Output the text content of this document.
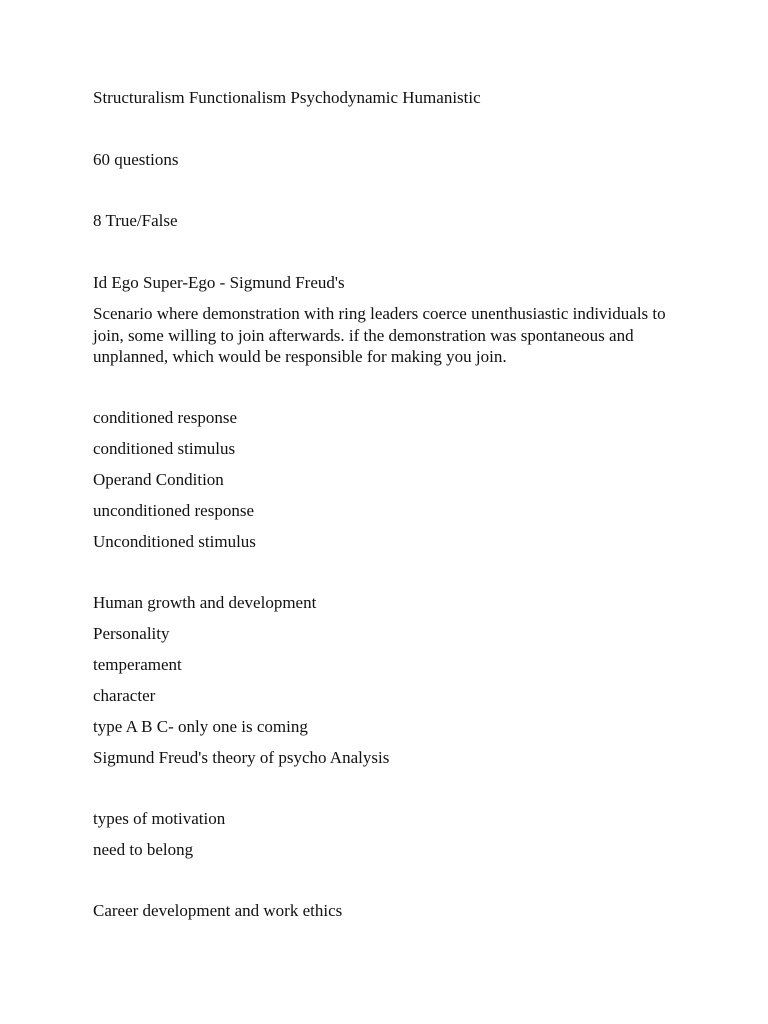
Structuralism Functionalism Psychodynamic Humanistic
60 questions
8 True/False
Id Ego Super-Ego - Sigmund Freud's
Scenario where demonstration with ring leaders coerce unenthusiastic individuals to join, some willing to join afterwards. if the demonstration was spontaneous and unplanned, which would be responsible for making you join.
conditioned response
conditioned stimulus
Operand Condition
unconditioned response
Unconditioned stimulus
Human growth and development
Personality
temperament
character
type A B C- only one is coming
Sigmund Freud's theory of psycho Analysis
types of motivation
need to belong
Career development and work ethics
